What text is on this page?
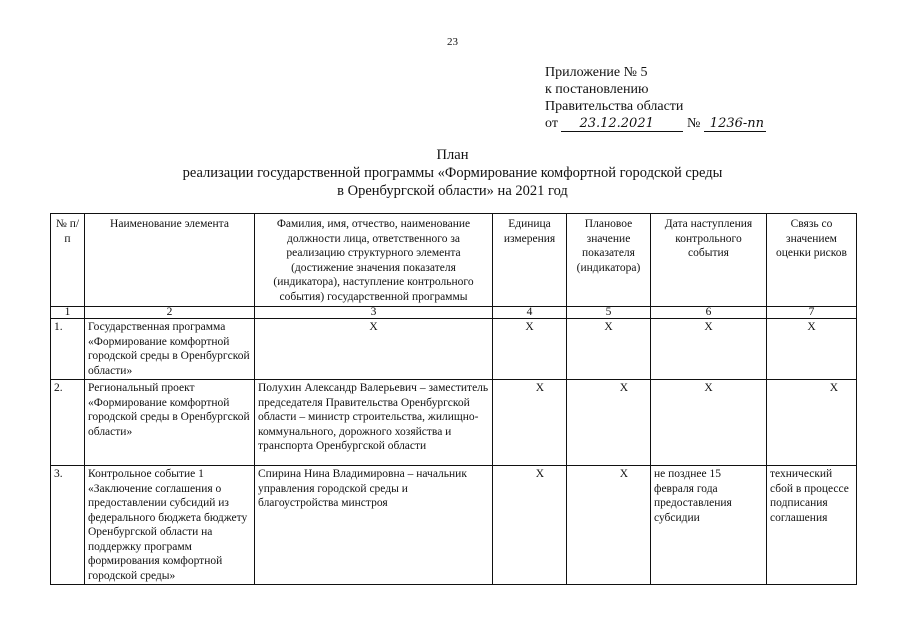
23
Приложение № 5
к постановлению
Правительства области
от 23.12.2021 № 1236-пп
План
реализации государственной программы «Формирование комфортной городской среды
в Оренбургской области» на 2021 год
№ п/п	Наименование элемента	Фамилия, имя, отчество, наименование должности лица, ответственного за реализацию структурного элемента (достижение значения показателя (индикатора), наступление контрольного события) государственной программы	Единица измерения	Плановое значение показателя (индикатора)	Дата наступления контрольного события	Связь со значением оценки рисков
1	2	3	4	5	6	7
1.	Государственная программа «Формирование комфортной городской среды в Оренбургской области»	X	X	X	X	X
2.	Региональный проект «Формирование комфортной городской среды в Оренбургской области»	Полухин Александр Валерьевич – заместитель председателя Правительства Оренбургской области – министр строительства, жилищно-коммунального, дорожного хозяйства и транспорта Оренбургской области	X	X	X	X
3.	Контрольное событие 1 «Заключение соглашения о предоставлении субсидий из федерального бюджета бюджету Оренбургской области на поддержку программ формирования комфортной городской среды»	Спирина Нина Владимировна – начальник управления городской среды и благоустройства минстроя	X	X	не позднее 15 февраля года предоставления субсидии	технический сбой в процессе подписания соглашения
